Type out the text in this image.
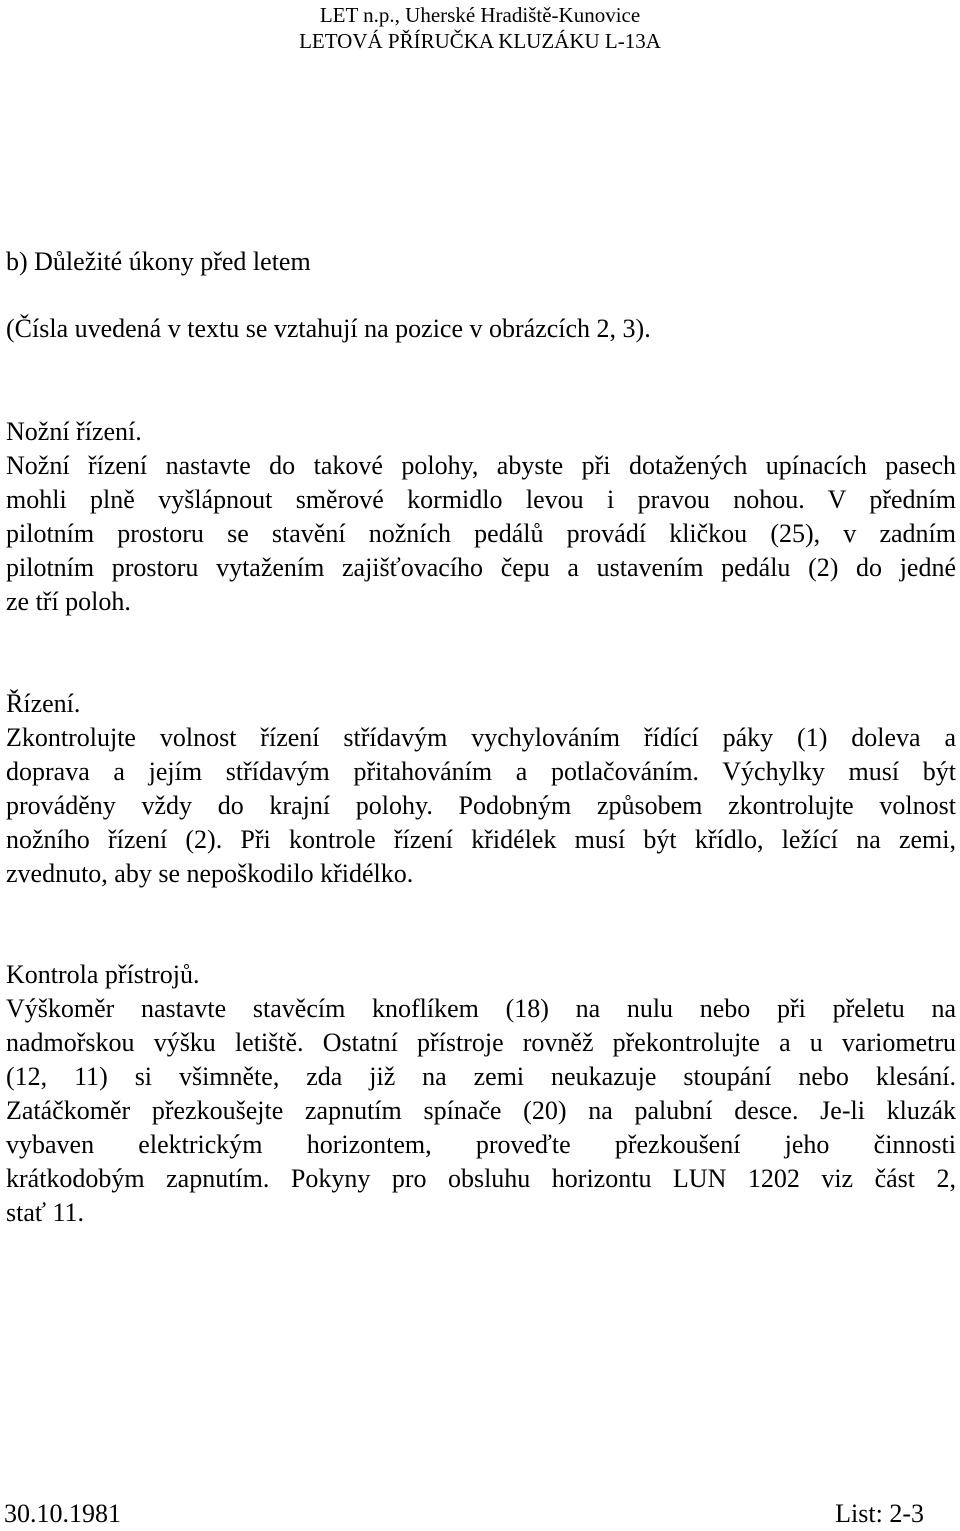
LET n.p., Uherské Hradiště-Kunovice
LETOVÁ PŘÍRUČKA KLUZÁKU L-13A
b) Důležité úkony před letem
(Čísla uvedená v textu se vztahují na pozice v obrázcích 2, 3).
Nožní řízení.
Nožní řízení nastavte do takové polohy, abyste při dotažených upínacích pasech
mohli plně vyšlápnout směrové kormidlo levou i pravou nohou. V předním
pilotním prostoru se stavění nožních pedálů provádí kličkou (25), v zadním
pilotním prostoru vytažením zajišťovacího čepu a ustavením pedálu (2) do jedné
ze tří poloh.
Řízení.
Zkontrolujte volnost řízení střídavým vychylováním řídící páky (1) doleva a
doprava a jejím střídavým přitahováním a potlačováním. Výchylky musí být
prováděny vždy do krajní polohy. Podobným způsobem zkontrolujte volnost
nožního řízení (2). Při kontrole řízení křidélek musí být křídlo, ležící na zemi,
zvednuto, aby se nepoškodilo křidélko.
Kontrola přístrojů.
Výškoměr nastavte stavěcím knoflíkem (18) na nulu nebo při přeletu na
nadmořskou výšku letiště. Ostatní přístroje rovněž překontrolujte a u variometru
(12, 11) si všimněte, zda již na zemi neukazuje stoupání nebo klesání.
Zatáčkoměr přezkoušejte zapnutím spínače (20) na palubní desce. Je-li kluzák
vybaven elektrickým horizontem, proveďte přezkoušení jeho činnosti
krátkodobým zapnutím. Pokyny pro obsluhu horizontu LUN 1202 viz část 2,
stať 11.
30.10.1981	List: 2-3
